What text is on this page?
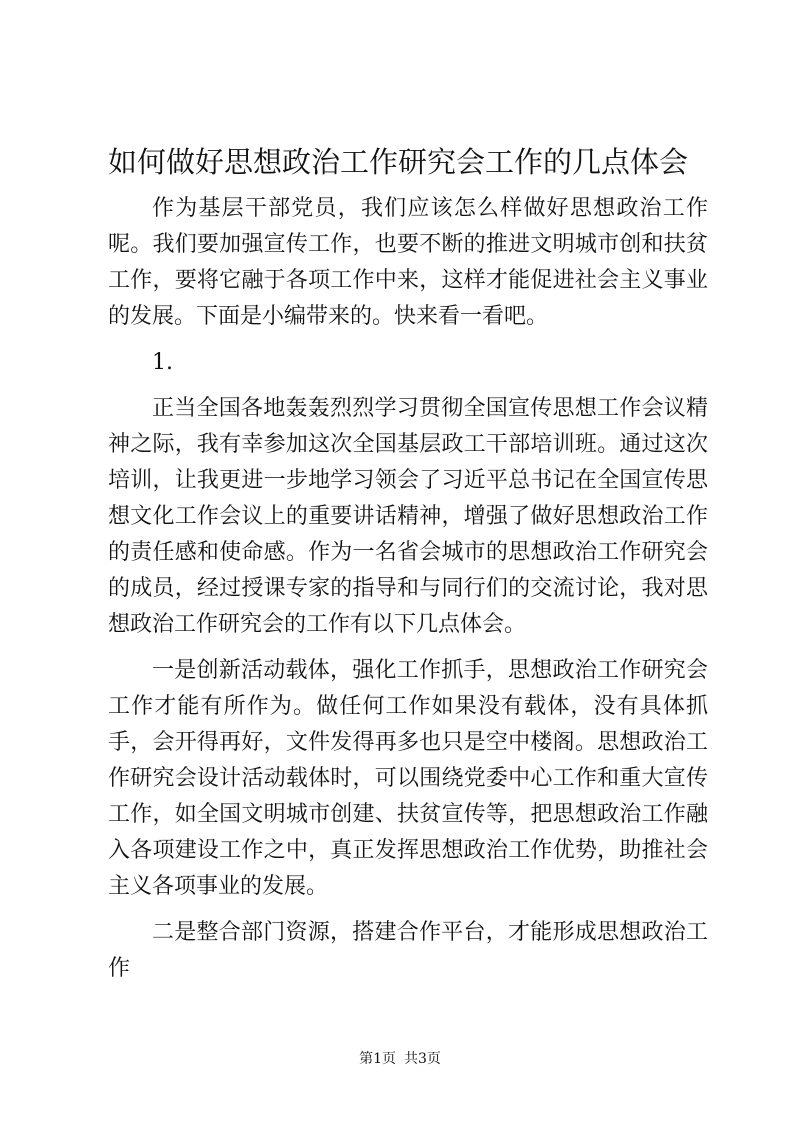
如何做好思想政治工作研究会工作的几点体会

作为基层干部党员，我们应该怎么样做好思想政治工作呢。我们要加强宣传工作，也要不断的推进文明城市创和扶贫工作，要将它融于各项工作中来，这样才能促进社会主义事业的发展。下面是小编带来的。快来看一看吧。

1.

正当全国各地轰轰烈烈学习贯彻全国宣传思想工作会议精神之际，我有幸参加这次全国基层政工干部培训班。通过这次培训，让我更进一步地学习领会了习近平总书记在全国宣传思想文化工作会议上的重要讲话精神，增强了做好思想政治工作的责任感和使命感。作为一名省会城市的思想政治工作研究会的成员，经过授课专家的指导和与同行们的交流讨论，我对思想政治工作研究会的工作有以下几点体会。

一是创新活动载体，强化工作抓手，思想政治工作研究会工作才能有所作为。做任何工作如果没有载体，没有具体抓手，会开得再好，文件发得再多也只是空中楼阁。思想政治工作研究会设计活动载体时，可以围绕党委中心工作和重大宣传工作，如全国文明城市创建、扶贫宣传等，把思想政治工作融入各项建设工作之中，真正发挥思想政治工作优势，助推社会主义各项事业的发展。

二是整合部门资源，搭建合作平台，才能形成思想政治工作

第1页 共3页
